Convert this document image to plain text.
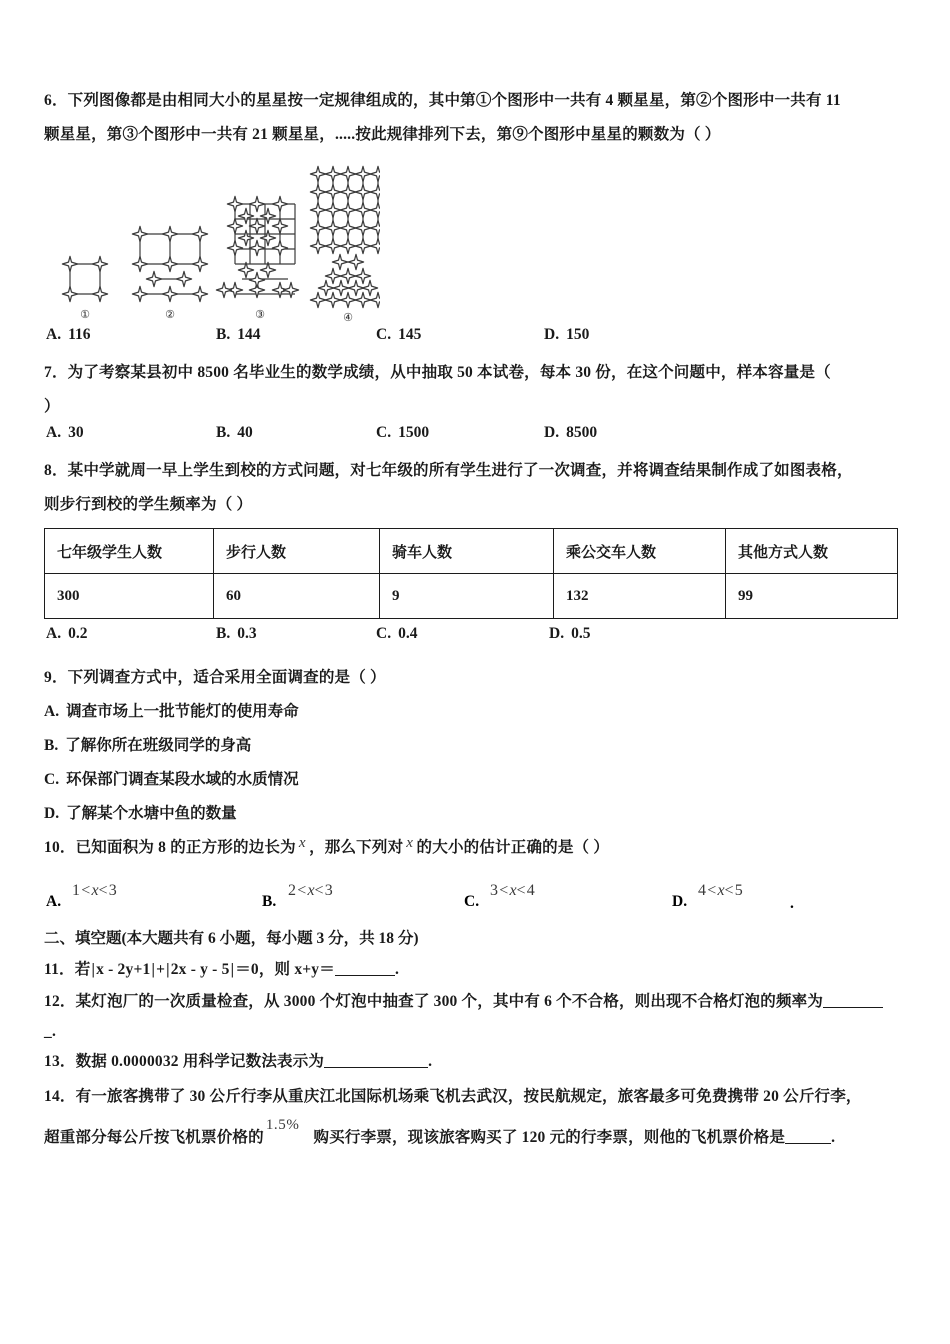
6．下列图像都是由相同大小的星星按一定规律组成的，其中第①个图形中一共有 4 颗星星，第②个图形中一共有 11
颗星星，第③个图形中一共有 21 颗星星，.....按此规律排列下去，第⑨个图形中星星的颗数为（ ）
①	②	③	④
A. 116	B. 144	C. 145	D. 150
7．为了考察某县初中 8500 名毕业生的数学成绩，从中抽取 50 本试卷，每本 30 份，在这个问题中，样本容量是（
）
A. 30	B. 40	C. 1500	D. 8500
8．某中学就周一早上学生到校的方式问题，对七年级的所有学生进行了一次调查，并将调查结果制作成了如图表格，
则步行到校的学生频率为（ ）
七年级学生人数	步行人数	骑车人数	乘公交车人数	其他方式人数
300	60	9	132	99
A. 0.2	B. 0.3	C. 0.4	D. 0.5
9．下列调查方式中，适合采用全面调查的是（ ）
A. 调查市场上一批节能灯的使用寿命
B. 了解你所在班级同学的身高
C. 环保部门调查某段水域的水质情况
D. 了解某个水塘中鱼的数量
10．已知面积为 8 的正方形的边长为 x ，那么下列对 x 的大小的估计正确的是（ ）
A.
1<x<3
B.
2<x<3
C.
3<x<4
D.
4<x<5
.
二、填空题(本大题共有 6 小题，每小题 3 分，共 18 分)
11．若|x - 2y+1|+|2x - y - 5|＝0，则 x+y＝	.
12．某灯泡厂的一次质量检查，从 3000 个灯泡中抽查了 300 个，其中有 6 个不合格，则出现不合格灯泡的频率为
_.
13．数据 0.0000032 用科学记数法表示为	.
14．有一旅客携带了 30 公斤行李从重庆江北国际机场乘飞机去武汉，按民航规定，旅客最多可免费携带 20 公斤行李，
超重部分每公斤按飞机票价格的1.5%购买行李票，现该旅客购买了 120 元的行李票，则他的飞机票价格是	.
